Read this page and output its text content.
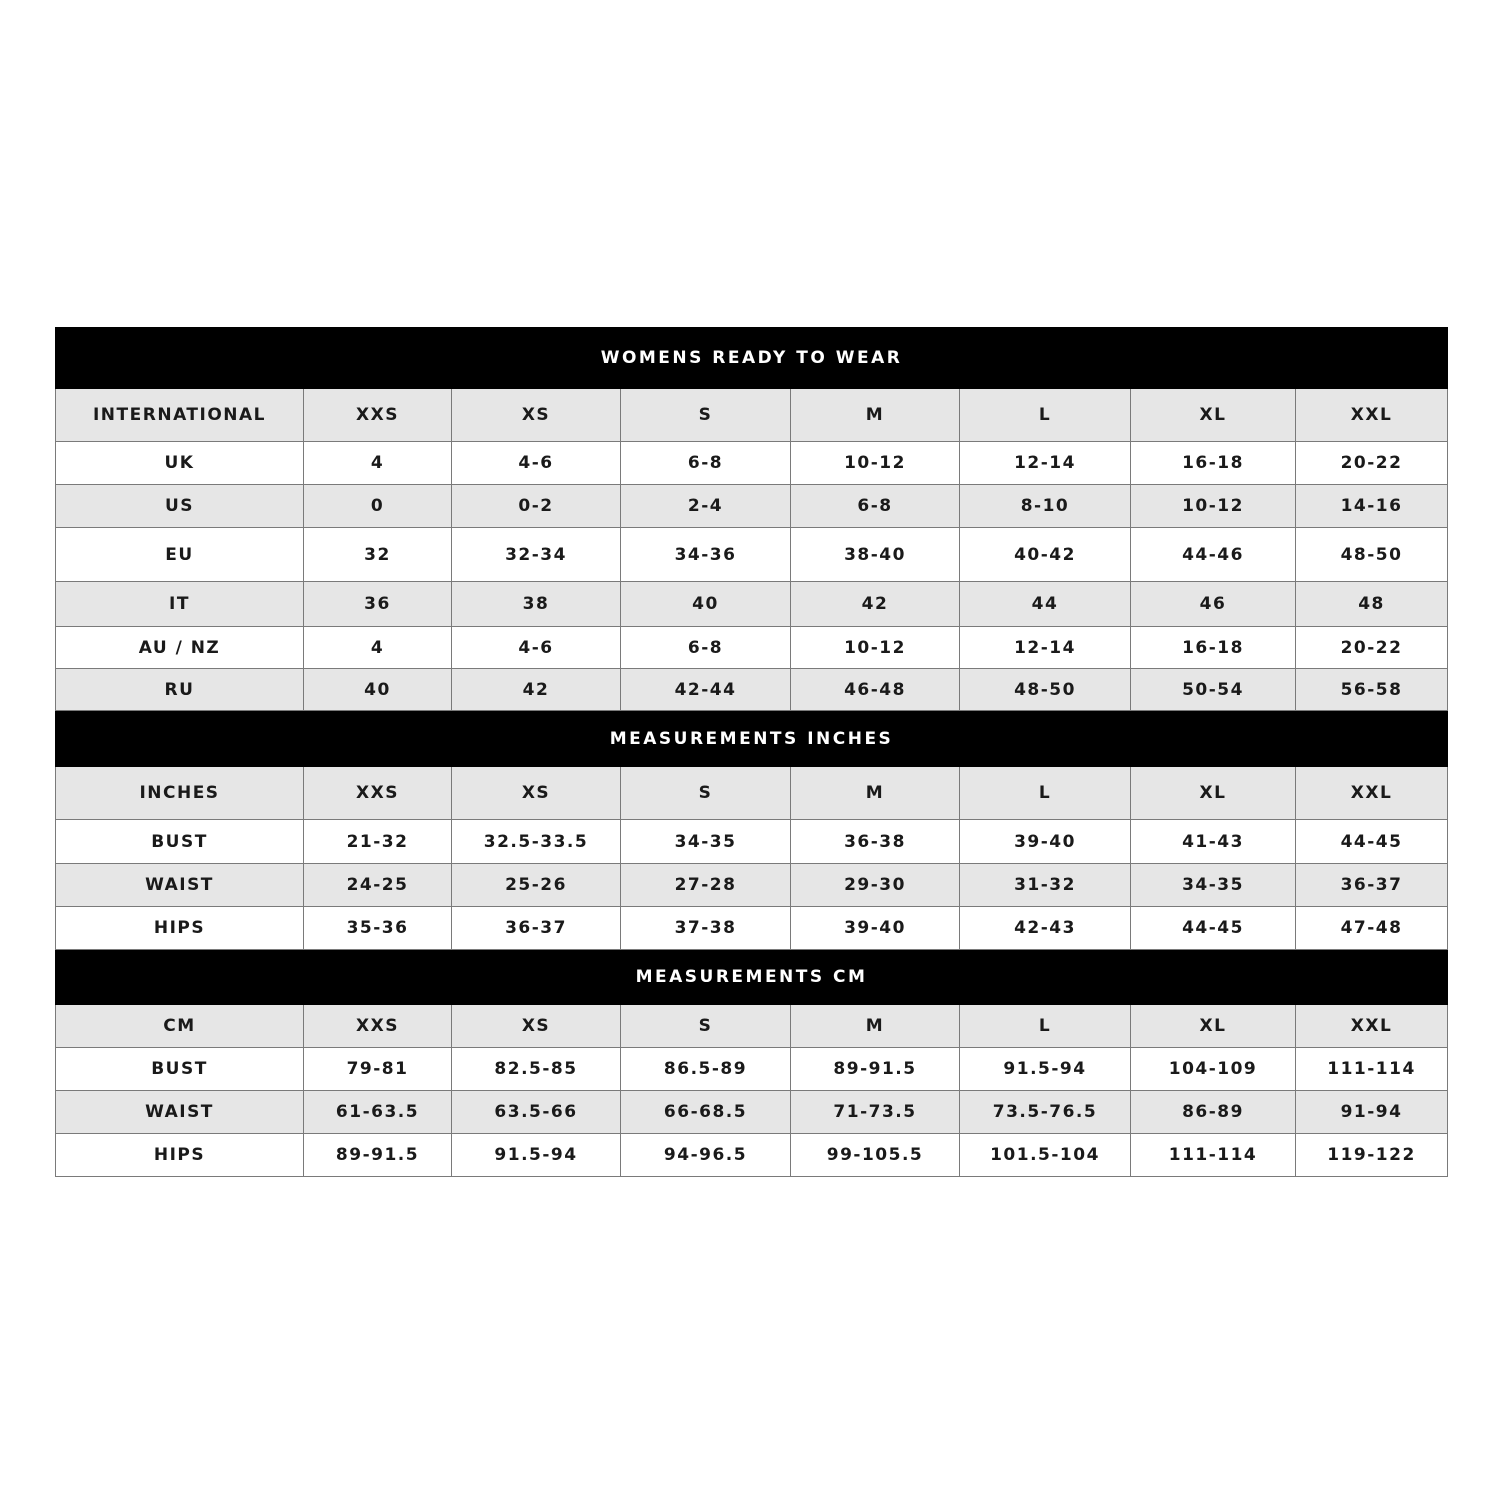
WOMENS READY TO WEAR							
INTERNATIONAL	XXS	XS	S	M	L	XL	XXL
UK	4	4-6	6-8	10-12	12-14	16-18	20-22
US	0	0-2	2-4	6-8	8-10	10-12	14-16
EU	32	32-34	34-36	38-40	40-42	44-46	48-50
IT	36	38	40	42	44	46	48
AU / NZ	4	4-6	6-8	10-12	12-14	16-18	20-22
RU	40	42	42-44	46-48	48-50	50-54	56-58
MEASUREMENTS INCHES							
INCHES	XXS	XS	S	M	L	XL	XXL
BUST	21-32	32.5-33.5	34-35	36-38	39-40	41-43	44-45
WAIST	24-25	25-26	27-28	29-30	31-32	34-35	36-37
HIPS	35-36	36-37	37-38	39-40	42-43	44-45	47-48
MEASUREMENTS CM							
CM	XXS	XS	S	M	L	XL	XXL
BUST	79-81	82.5-85	86.5-89	89-91.5	91.5-94	104-109	111-114
WAIST	61-63.5	63.5-66	66-68.5	71-73.5	73.5-76.5	86-89	91-94
HIPS	89-91.5	91.5-94	94-96.5	99-105.5	101.5-104	111-114	119-122
